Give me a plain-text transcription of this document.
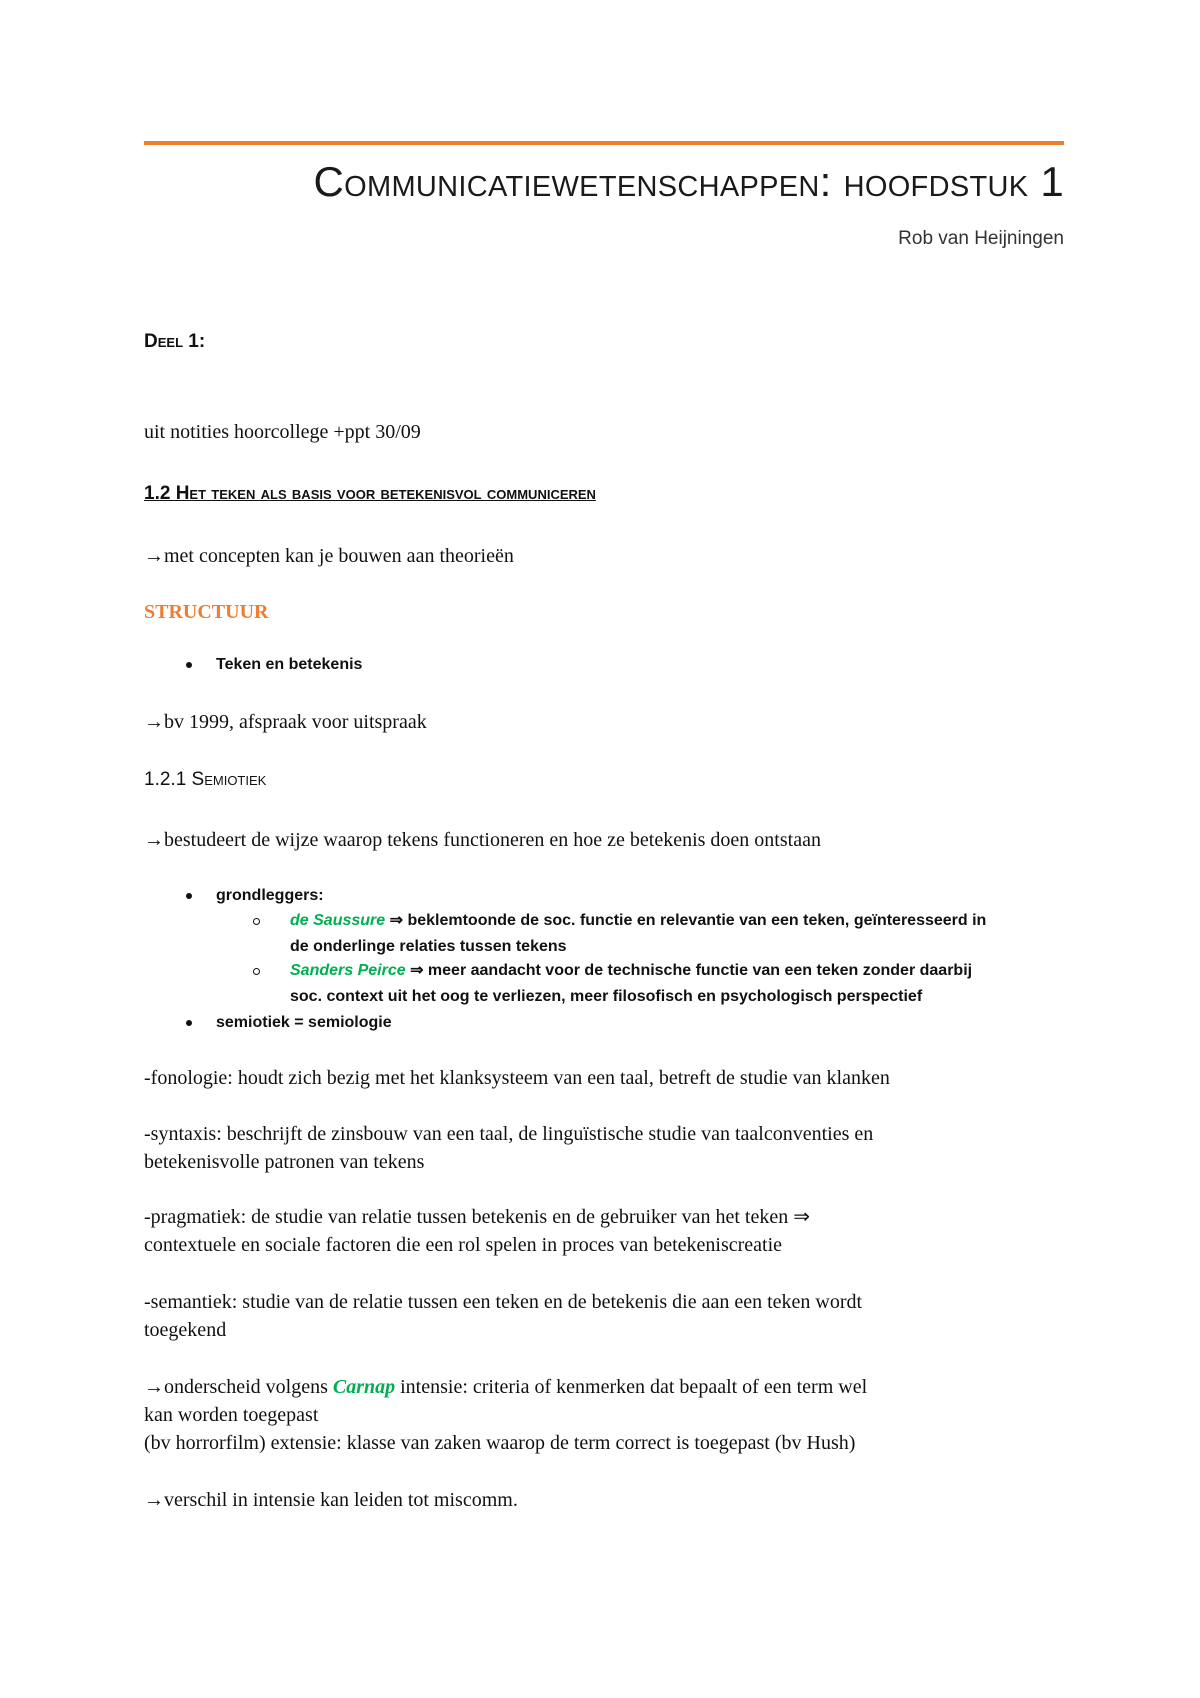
Communicatiewetenschappen: hoofdstuk 1
Rob van Heijningen
Deel 1:
uit notities hoorcollege +ppt 30/09
1.2 Het teken als basis voor betekenisvol communiceren
→met concepten kan je bouwen aan theorieën
STRUCTUUR
Teken en betekenis
→bv 1999, afspraak voor uitspraak
1.2.1 Semiotiek
→bestudeert de wijze waarop tekens functioneren en hoe ze betekenis doen ontstaan
grondleggers:
de Saussure ⇒ beklemtoonde de soc. functie en relevantie van een teken, geïnteresseerd in
de onderlinge relaties tussen tekens
Sanders Peirce ⇒ meer aandacht voor de technische functie van een teken zonder daarbij
soc. context uit het oog te verliezen, meer filosofisch en psychologisch perspectief
semiotiek = semiologie
-fonologie: houdt zich bezig met het klanksysteem van een taal, betreft de studie van klanken
-syntaxis: beschrijft de zinsbouw van een taal, de linguïstische studie van taalconventies en
betekenisvolle patronen van tekens
-pragmatiek: de studie van relatie tussen betekenis en de gebruiker van het teken ⇒
contextuele en sociale factoren die een rol spelen in proces van betekeniscreatie
-semantiek: studie van de relatie tussen een teken en de betekenis die aan een teken wordt
toegekend
→onderscheid volgens Carnap intensie: criteria of kenmerken dat bepaalt of een term wel
kan worden toegepast
(bv horrorfilm) extensie: klasse van zaken waarop de term correct is toegepast (bv Hush)
→verschil in intensie kan leiden tot miscomm.
